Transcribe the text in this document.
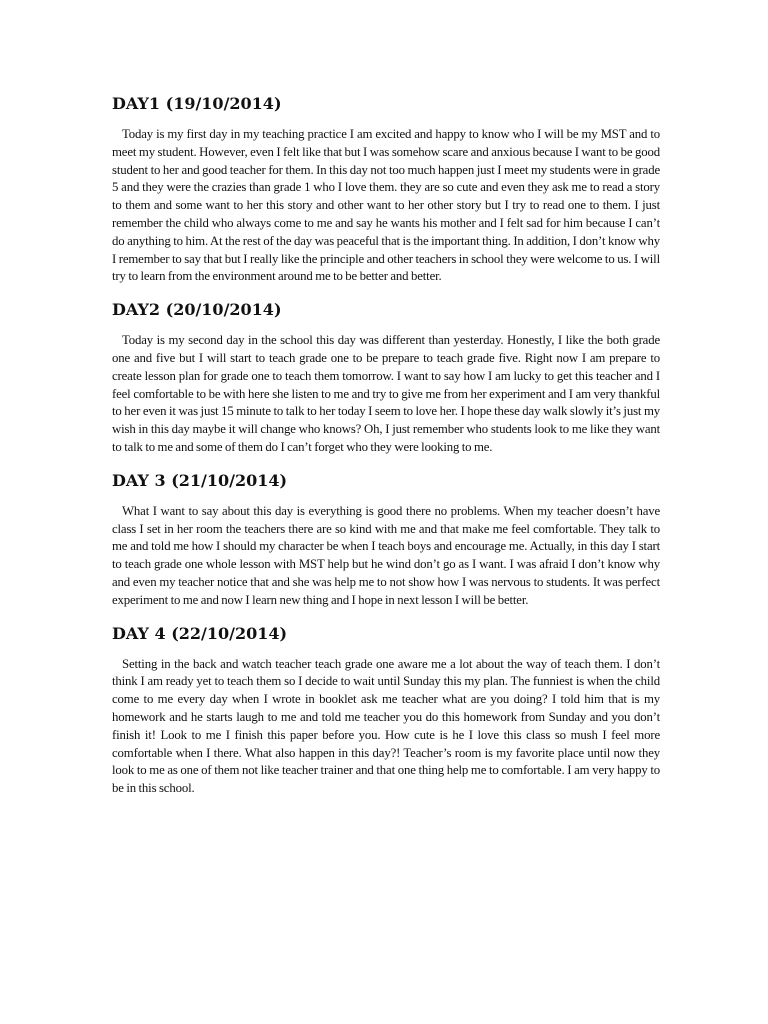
DAY1 (19/10/2014)

Today is my first day in my teaching practice I am excited and happy to know who I will be my MST and to meet my student. However, even I felt like that but I was somehow scare and anxious because I want to be good student to her and good teacher for them. In this day not too much happen just I meet my students were in grade 5 and they were the crazies than grade 1 who I love them. they are so cute and even they ask me to read a story to them and some want to her this story and other want to her other story but I try to read one to them. I just remember the child who always come to me and say he wants his mother and I felt sad for him because I can’t do anything to him. At the rest of the day was peaceful that is the important thing. In addition, I don’t know why I remember to say that but I really like the principle and other teachers in school they were welcome to us. I will try to learn from the environment around me to be better and better.

DAY2 (20/10/2014)

Today is my second day in the school this day was different than yesterday. Honestly, I like the both grade one and five but I will start to teach grade one to be prepare to teach grade five. Right now I am prepare to create lesson plan for grade one to teach them tomorrow. I want to say how I am lucky to get this teacher and I feel comfortable to be with here she listen to me and try to give me from her experiment and I am very thankful to her even it was just 15 minute to talk to her today I seem to love her. I hope these day walk slowly it’s just my wish in this day maybe it will change who knows? Oh, I just remember who students look to me like they want to talk to me and some of them do I can’t forget who they were looking to me.

DAY 3 (21/10/2014)

What I want to say about this day is everything is good there no problems. When my teacher doesn’t have class I set in her room the teachers there are so kind with me and that make me feel comfortable. They talk to me and told me how I should my character be when I teach boys and encourage me. Actually, in this day I start to teach grade one whole lesson with MST help but he wind don’t go as I want. I was afraid I don’t know why and even my teacher notice that and she was help me to not show how I was nervous to students. It was perfect experiment to me and now I learn new thing and I hope in next lesson I will be better.

DAY 4 (22/10/2014)

Setting in the back and watch teacher teach grade one aware me a lot about the way of teach them. I don’t think I am ready yet to teach them so I decide to wait until Sunday this my plan. The funniest is when the child come to me every day when I wrote in booklet ask me teacher what are you doing? I told him that is my homework and he starts laugh to me and told me teacher you do this homework from Sunday and you don’t finish it! Look to me I finish this paper before you. How cute is he I love this class so mush I feel more comfortable when I there. What also happen in this day?! Teacher’s room is my favorite place until now they look to me as one of them not like teacher trainer and that one thing help me to comfortable. I am very happy to be in this school.
